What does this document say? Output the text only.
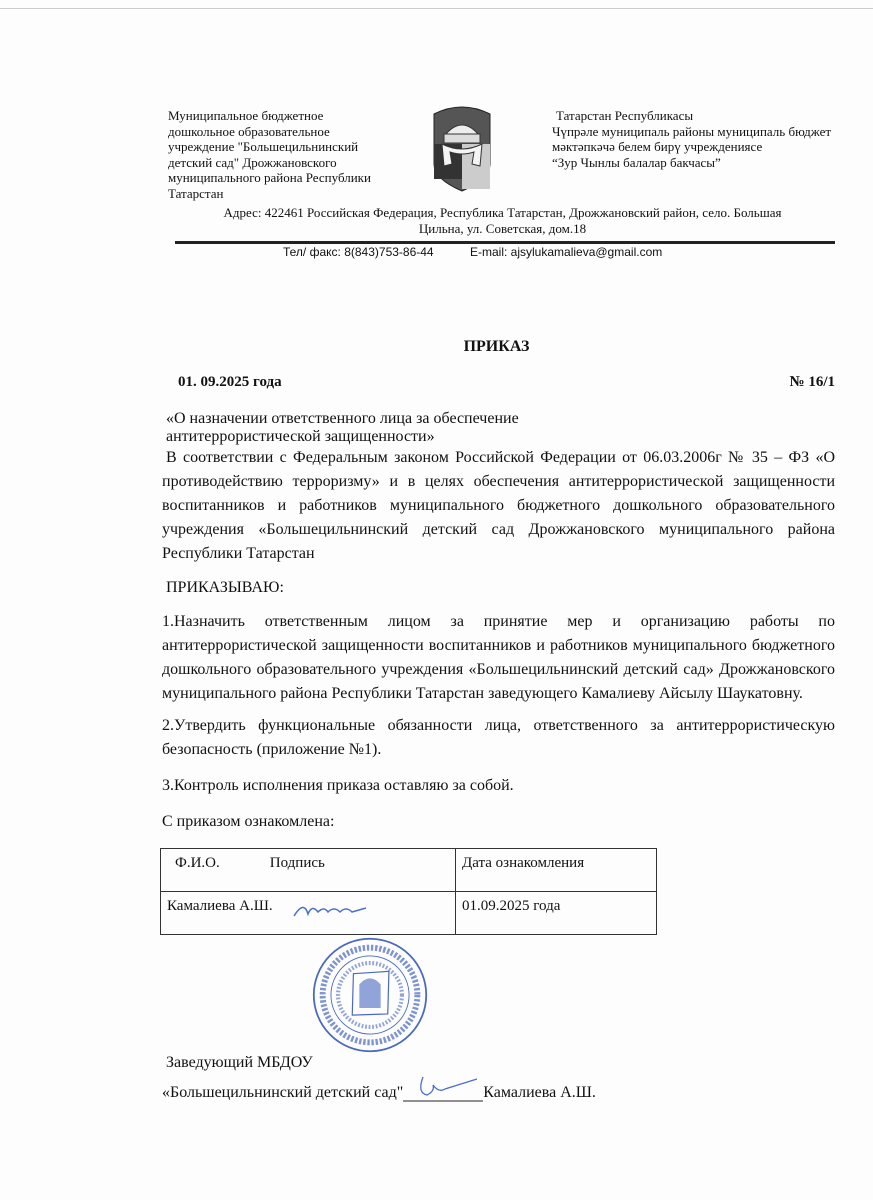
Муниципальное бюджетное
дошкольное образовательное
учреждение "Большецильнинский
детский сад" Дрожжановского
муниципального района Республики
Татарстан
Татарстан Республикасы
Чүпрәле муниципаль районы муниципаль бюджет
мәктәпкәчә белем бирү учреждениясе
“Зур Чынлы балалар бакчасы”
Адрес: 422461 Российская Федерация, Республика Татарстан, Дрожжановский район, село. Большая
Цильна, ул. Советская, дом.18
Тел/ факс: 8(843)753-86-44	E-mail: ajsylukamalieva@gmail.com
ПРИКАЗ
01. 09.2025 года	№ 16/1
«О назначении ответственного лица за обеспечение
антитеррористической защищенности»
В соответствии с Федеральным законом Российской Федерации от 06.03.2006г № 35 – ФЗ «О противодействию терроризму» и в целях обеспечения антитеррористической защищенности воспитанников и работников муниципального бюджетного дошкольного образовательного учреждения «Большецильнинский детский сад Дрожжановского муниципального района Республики Татарстан
ПРИКАЗЫВАЮ:
1.Назначить ответственным лицом за принятие мер и организацию работы по антитеррористической защищенности воспитанников и работников муниципального бюджетного дошкольного образовательного учреждения «Большецильнинский детский сад» Дрожжановского муниципального района Республики Татарстан заведующего Камалиеву Айсылу Шаукатовну.
2.Утвердить функциональные обязанности лица, ответственного за антитеррористическую безопасность (приложение №1).
3.Контроль исполнения приказа оставляю за собой.
С приказом ознакомлена:
Ф.И.О. Подпись	Дата ознакомления
Камалиева А.Ш.	01.09.2025 года
Заведующий МБДОУ
«Большецильнинский детский сад"	Камалиева А.Ш.
